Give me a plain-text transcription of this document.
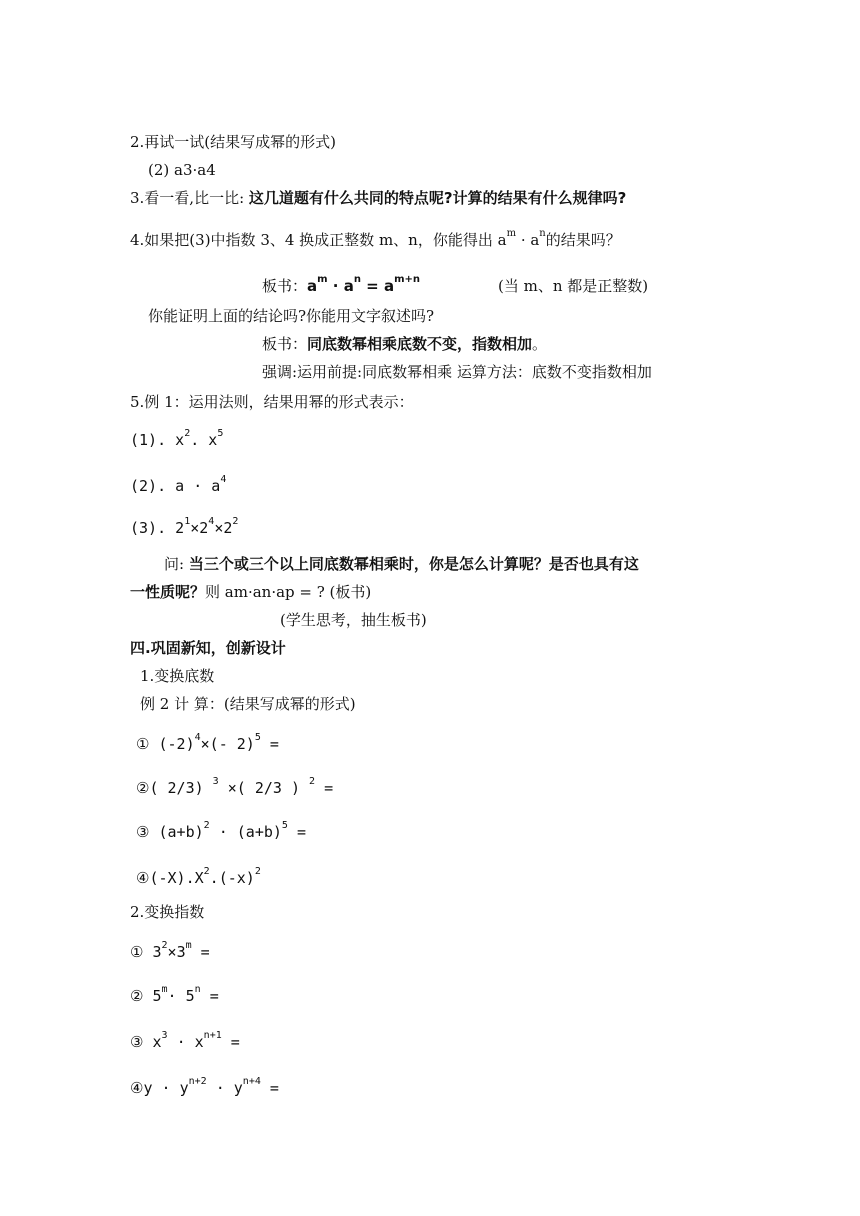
2.再试一试(结果写成幂的形式)
(2) a3·a4
3.看一看,比一比: 这几道题有什么共同的特点呢?计算的结果有什么规律吗?
4.如果把(3)中指数 3、4 换成正整数 m、n，你能得出 $a^m \cdot a^n$的结果吗？
板书：$a^m \cdot a^n = a^{m+n}$	(当 m、n 都是正整数)
你能证明上面的结论吗?你能用文字叙述吗?
板书：同底数幂相乘底数不变，指数相加。
强调:运用前提:同底数幂相乘 运算方法：底数不变指数相加
5.例 1：运用法则，结果用幂的形式表示：
(1). $x^2$. $x^5$
(2). $a \cdot a^4$
(3). $2^1\times 2^4\times 2^2$
问: 当三个或三个以上同底数幂相乘时，你是怎么计算呢？是否也具有这
一性质呢？则 am·an·ap = ? (板书)
(学生思考，抽生板书)
四.巩固新知，创新设计
1.变换底数
例 2 计 算：(结果写成幂的形式)
① $(-2)^4\times(-$ 2)$^5$ =
②( 2/3) $^3$ ×( 2/3 ) $^2$ =
③ $(a+b)^2 \cdot (a+b)^5$ =
$④(-X).X^2.(-x)^2$
2.变换指数
① $3^2\times 3^m$ =
② $5^m\cdot 5^n$ =
③ $x^3 \cdot x^{n+1}$ =
④y · $y^{n+2} \cdot y^{n+4}$ =
